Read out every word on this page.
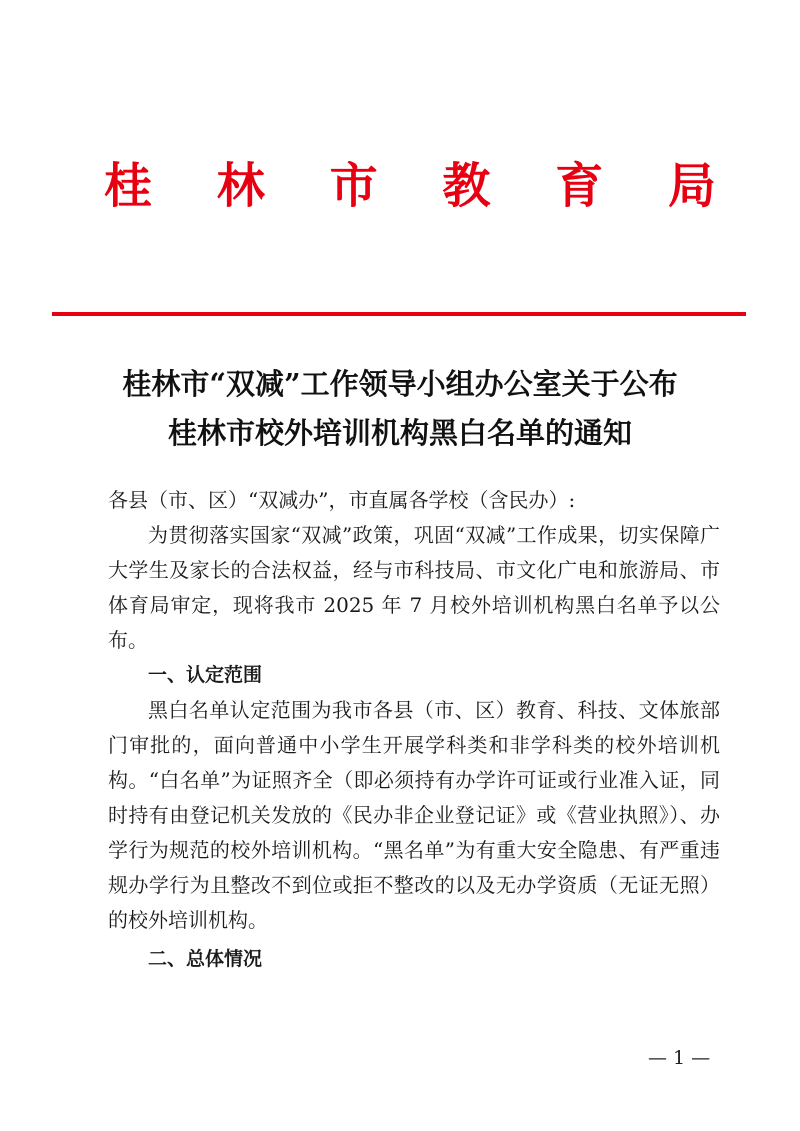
桂 林 市 教 育 局
桂林市“双减”工作领导小组办公室关于公布
桂林市校外培训机构黑白名单的通知

各县（市、区）“双减办”，市直属各学校（含民办）:

为贯彻落实国家“双减”政策，巩固“双减”工作成果，切实保障广大学生及家长的合法权益，经与市科技局、市文化广电和旅游局、市体育局审定，现将我市 2025 年 7 月校外培训机构黑白名单予以公布。

一、认定范围

黑白名单认定范围为我市各县（市、区）教育、科技、文体旅部门审批的，面向普通中小学生开展学科类和非学科类的校外培训机构。“白名单”为证照齐全（即必须持有办学许可证或行业准入证，同时持有由登记机关发放的《民办非企业登记证》或《营业执照》）、办学行为规范的校外培训机构。“黑名单”为有重大安全隐患、有严重违规办学行为且整改不到位或拒不整改的以及无办学资质（无证无照）的校外培训机构。

二、总体情况

— 1 —
